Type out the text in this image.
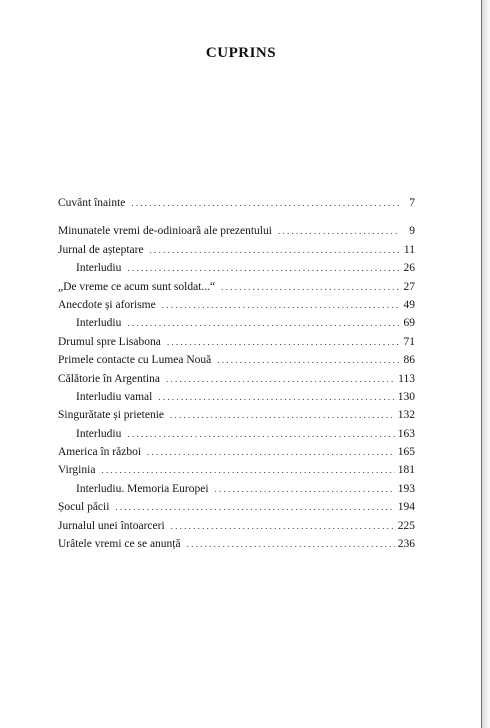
CUPRINS
Cuvânt înainte . . .	7
Minunatele vremi de-odinioară ale prezentului . . .	9
Jurnal de așteptare . . .	11
Interludiu . . .	26
„De vreme ce acum sunt soldat...“ . . .	27
Anecdote și aforisme . . .	49
Interludiu . . .	69
Drumul spre Lisabona . . .	71
Primele contacte cu Lumea Nouă . . .	86
Călătorie în Argentina . . .	113
Interludiu vamal . . .	130
Singurătate și prietenie . . .	132
Interludiu . . .	163
America în război . . .	165
Virginia . . .	181
Interludiu. Memoria Europei . . .	193
Șocul păcii . . .	194
Jurnalul unei întoarceri . . .	225
Urâtele vremi ce se anunță . . .	236
